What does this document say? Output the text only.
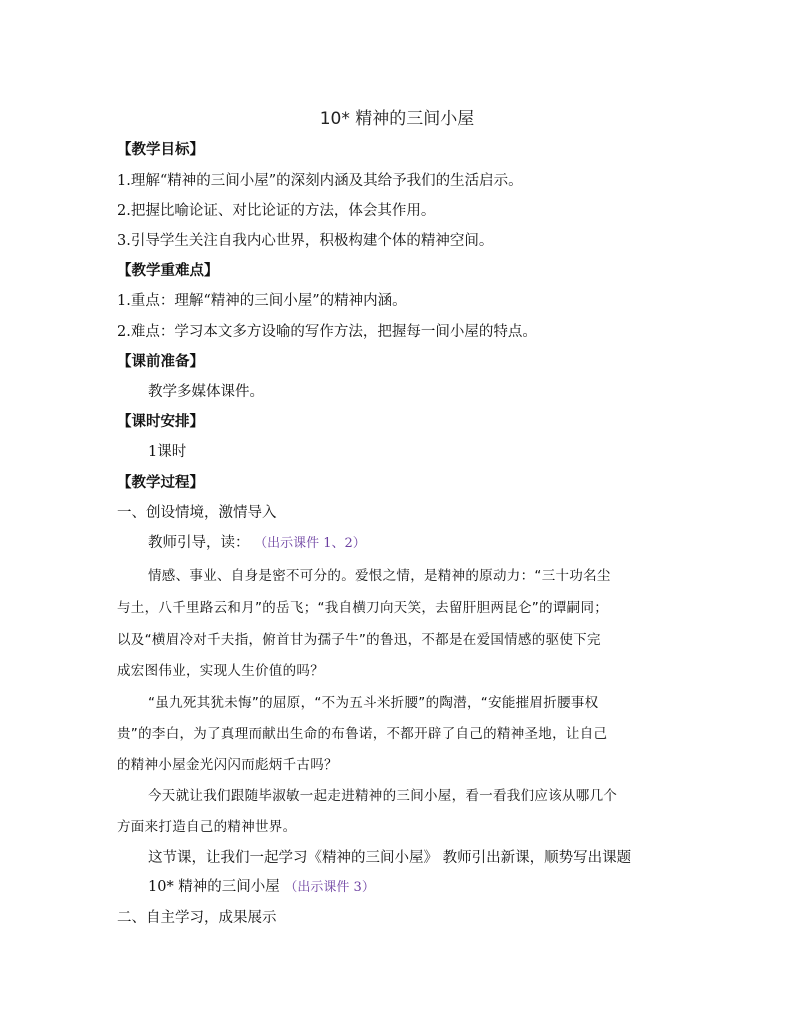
10* 精神的三间小屋
【教学目标】
1.理解“精神的三间小屋”的深刻内涵及其给予我们的生活启示。
2.把握比喻论证、对比论证的方法，体会其作用。
3.引导学生关注自我内心世界，积极构建个体的精神空间。
【教学重难点】
1.重点：理解“精神的三间小屋”的精神内涵。
2.难点：学习本文多方设喻的写作方法，把握每一间小屋的特点。
【课前准备】
教学多媒体课件。
【课时安排】
1课时
【教学过程】
一、创设情境，激情导入
教师引导，读： （出示课件 1、2）
情感、事业、自身是密不可分的。爱恨之情，是精神的原动力：“三十功名尘
与土，八千里路云和月”的岳飞；“我自横刀向天笑，去留肝胆两昆仑”的谭嗣同；
以及“横眉冷对千夫指，俯首甘为孺子牛”的鲁迅，不都是在爱国情感的驱使下完
成宏图伟业，实现人生价值的吗？
“虽九死其犹未悔”的屈原，“不为五斗米折腰”的陶潜，“安能摧眉折腰事权
贵”的李白，为了真理而献出生命的布鲁诺，不都开辟了自己的精神圣地，让自己
的精神小屋金光闪闪而彪炳千古吗？
今天就让我们跟随毕淑敏一起走进精神的三间小屋，看一看我们应该从哪几个
方面来打造自己的精神世界。
这节课，让我们一起学习《精神的三间小屋》 教师引出新课，顺势写出课题
10* 精神的三间小屋 （出示课件 3）
二、自主学习，成果展示
